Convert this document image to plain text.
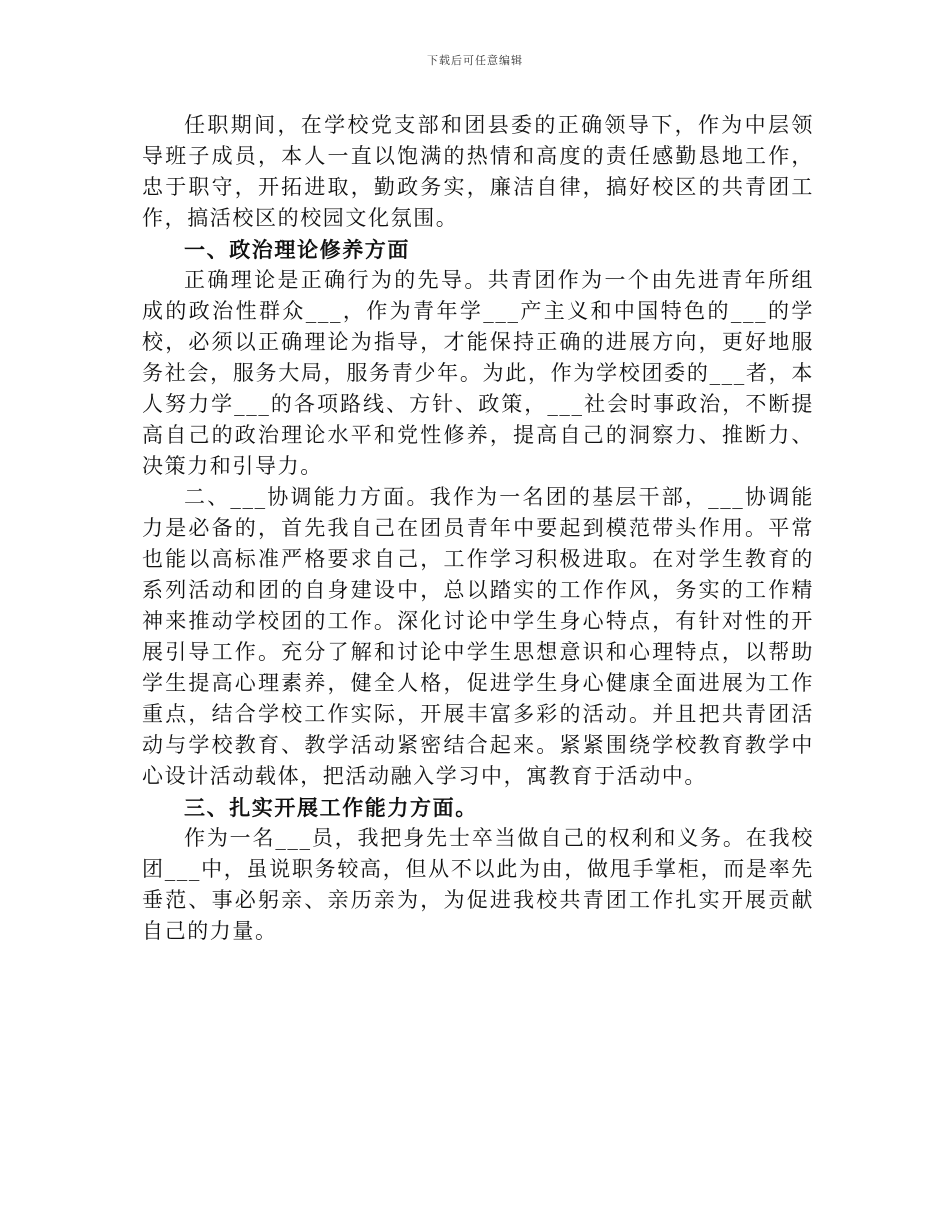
下载后可任意编辑

任职期间，在学校党支部和团县委的正确领导下，作为中层领导班子成员，本人一直以饱满的热情和高度的责任感勤恳地工作，忠于职守，开拓进取，勤政务实，廉洁自律，搞好校区的共青团工作，搞活校区的校园文化氛围。

一、政治理论修养方面

正确理论是正确行为的先导。共青团作为一个由先进青年所组成的政治性群众___，作为青年学___产主义和中国特色的___的学校，必须以正确理论为指导，才能保持正确的进展方向，更好地服务社会，服务大局，服务青少年。为此，作为学校团委的___者，本人努力学___的各项路线、方针、政策，___社会时事政治，不断提高自己的政治理论水平和党性修养，提高自己的洞察力、推断力、决策力和引导力。

二、___协调能力方面。我作为一名团的基层干部，___协调能力是必备的，首先我自己在团员青年中要起到模范带头作用。平常也能以高标准严格要求自己，工作学习积极进取。在对学生教育的系列活动和团的自身建设中，总以踏实的工作作风，务实的工作精神来推动学校团的工作。深化讨论中学生身心特点，有针对性的开展引导工作。充分了解和讨论中学生思想意识和心理特点，以帮助学生提高心理素养，健全人格，促进学生身心健康全面进展为工作重点，结合学校工作实际，开展丰富多彩的活动。并且把共青团活动与学校教育、教学活动紧密结合起来。紧紧围绕学校教育教学中心设计活动载体，把活动融入学习中，寓教育于活动中。

三、扎实开展工作能力方面。

作为一名___员，我把身先士卒当做自己的权利和义务。在我校团___中，虽说职务较高，但从不以此为由，做甩手掌柜，而是率先垂范、事必躬亲、亲历亲为，为促进我校共青团工作扎实开展贡献自己的力量。
